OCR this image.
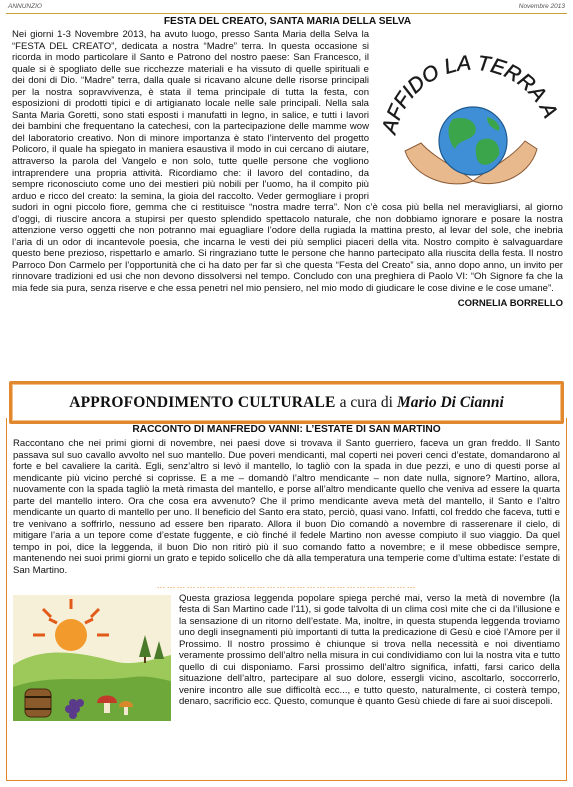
ANNUNZIO	Novembre 2013
FESTA DEL CREATO, SANTA MARIA DELLA SELVA
AFFIDO LA TERRA A

Nei giorni 1-3 Novembre 2013, ha avuto luogo, presso Santa Maria della Selva la “FESTA DEL CREATO”, dedicata a nostra “Madre” terra. In questa occasione si ricorda in modo particolare il Santo e Patrono del nostro paese: San Francesco, il quale si è spogliato delle sue ricchezze materiali e ha vissuto di quelle spirituali e dei doni di Dio. “Madre” terra, dalla quale si ricavano alcune delle risorse principali per la nostra sopravvivenza, è stata il tema principale di tutta la festa, con esposizioni di prodotti tipici e di artigianato locale nelle sale principali. Nella sala Santa Maria Goretti, sono stati esposti i manufatti in legno, in salice, e tutti i lavori dei bambini che frequentano la catechesi, con la partecipazione delle mamme wow del laboratorio creativo. Non di minore importanza è stato l’intervento del progetto Policoro, il quale ha spiegato in maniera esaustiva il modo in cui cercano di aiutare, attraverso la parola del Vangelo e non solo, tutte quelle persone che vogliono intraprendere una propria attività. Ricordiamo che: il lavoro del contadino, da sempre riconosciuto come uno dei mestieri più nobili per l’uomo, ha il compito più arduo e ricco del creato: la semina, la gioia del raccolto. Veder germogliare i propri sudori in ogni piccolo fiore, gemma che ci restituisce “nostra madre terra”. Non c’è cosa più bella nel meravigliarsi, al giorno d’oggi, di riuscire ancora a stupirsi per questo splendido spettacolo naturale, che non dobbiamo ignorare e posare la nostra attenzione verso oggetti che non potranno mai eguagliare l’odore della rugiada la mattina presto, al levar del sole, che inebria l’aria di un odor di incantevole poesia, che incarna le vesti dei più semplici piaceri della vita. Nostro compito è salvaguardare questo bene prezioso, rispettarlo e amarlo. Si ringraziano tutte le persone che hanno partecipato alla riuscita della festa. Il nostro Parroco Don Carmelo per l’opportunità che ci ha dato per far sì che questa “Festa del Creato” sia, anno dopo anno, un invito per rinnovare tradizioni ed usi che non devono dissolversi nel tempo. Concludo con una preghiera di Paolo VI: “Oh Signore fa che la mia fede sia pura, senza riserve e che essa penetri nel mio pensiero, nel mio modo di giudicare le cose divine e le cose umane”.

CORNELIA BORRELLO
APPROFONDIMENTO CULTURALE a cura di Mario Di Cianni
RACCONTO DI MANFREDO VANNI: L’ESTATE DI SAN MARTINO

Raccontano che nei primi giorni di novembre, nei paesi dove si trovava il Santo guerriero, faceva un gran freddo. Il Santo passava sul suo cavallo avvolto nel suo mantello. Due poveri mendicanti, mal coperti nei poveri cenci d’estate, domandarono al forte e bel cavaliere la carità. Egli, senz’altro si levò il mantello, lo tagliò con la spada in due pezzi, e uno di questi porse al mendicante più vicino perché si coprisse. E a me – domandò l’altro mendicante – non date nulla, signore? Martino, allora, nuovamente con la spada tagliò la metà rimasta del mantello, e porse all’altro mendicante quello che veniva ad essere la quarta parte del mantello intero. Ora che cosa era avvenuto? Che il primo mendicante aveva metà del mantello, il Santo e l’altro mendicante un quarto di mantello per uno. Il beneficio del Santo era stato, perciò, quasi vano. Infatti, col freddo che faceva, tutti e tre venivano a soffrirlo, nessuno ad essere ben riparato. Allora il buon Dio comandò a novembre di rasserenare il cielo, di mitigare l’aria a un tepore come d’estate fuggente, e ciò finché il fedele Martino non avesse compiuto il suo viaggio. Da quel tempo in poi, dice la leggenda, il buon Dio non ritirò più il suo comando fatto a novembre; e il mese obbedisce sempre, mantenendo nei suoi primi giorni un grato e tepido solicello che dà alla temperatura una temperie come d’ultima estate: l’estate di San Martino.

……………………………………………………………………

Questa graziosa leggenda popolare spiega perché mai, verso la metà di novembre (la festa di San Martino cade l’11), si gode talvolta di un clima così mite che ci da l’illusione e la sensazione di un ritorno dell’estate. Ma, inoltre, in questa stupenda leggenda troviamo uno degli insegnamenti più importanti di tutta la predicazione di Gesù e cioè l’Amore per il Prossimo. Il nostro prossimo è chiunque si trova nella necessità e noi diventiamo veramente prossimo dell’altro nella misura in cui condividiamo con lui la nostra vita e tutto quello di cui disponiamo. Farsi prossimo dell’altro significa, infatti, farsi carico della situazione dell’altro, partecipare al suo dolore, essergli vicino, ascoltarlo, soccorrerlo, venire incontro alle sue difficoltà ecc..., e tutto questo, naturalmente, ci costerà tempo, denaro, sacrificio ecc. Questo, comunque è quanto Gesù chiede di fare ai suoi discepoli.
